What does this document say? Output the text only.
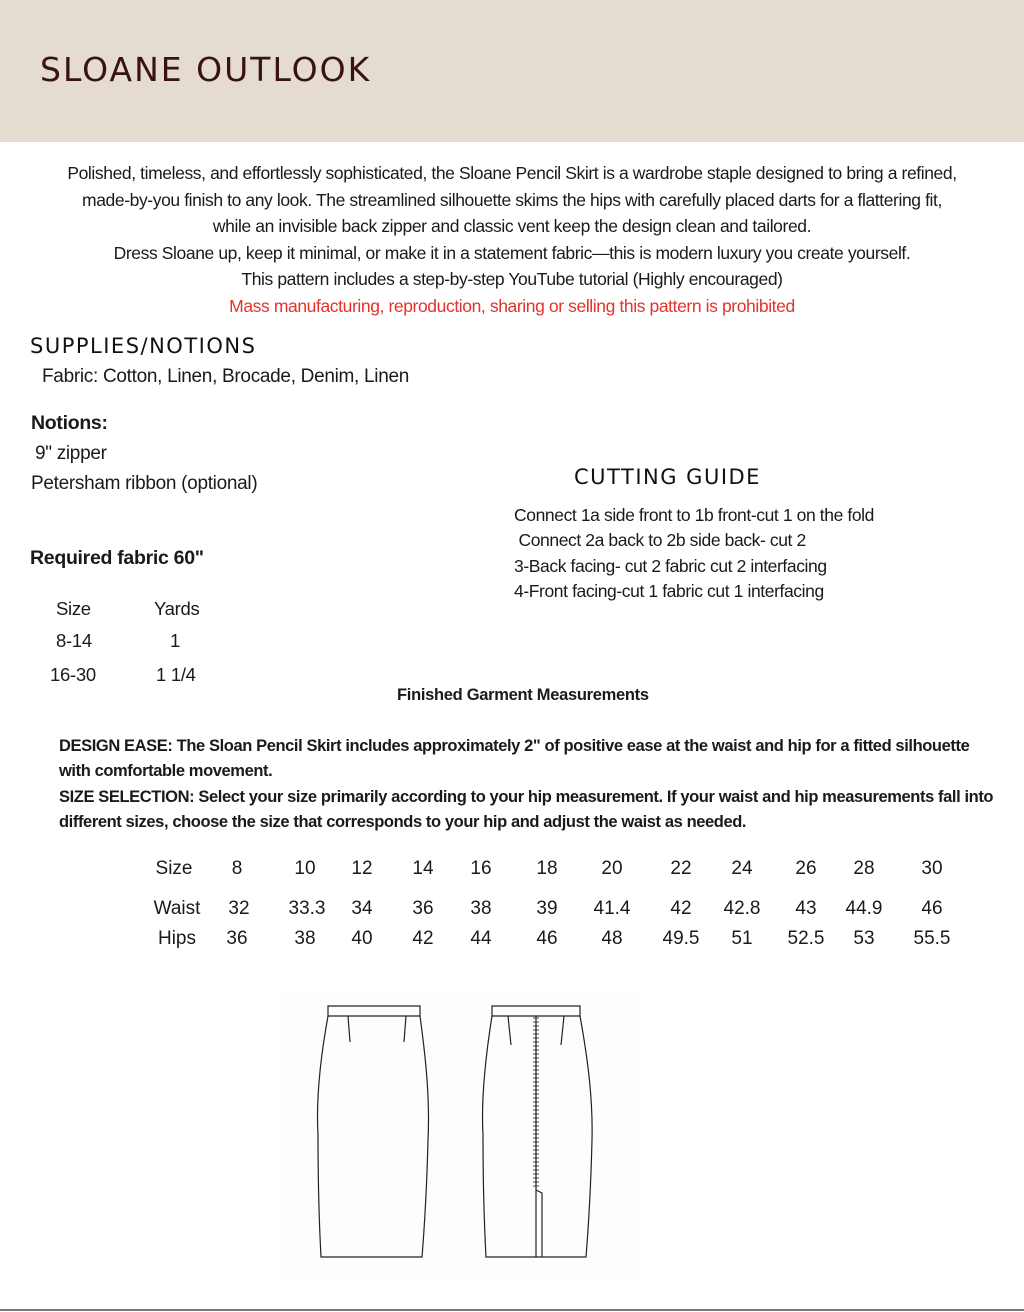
SLOANE OUTLOOK
Polished, timeless, and effortlessly sophisticated, the Sloane Pencil Skirt is a wardrobe staple designed to bring a refined,
made-by-you finish to any look. The streamlined silhouette skims the hips with carefully placed darts for a flattering fit,
while an invisible back zipper and classic vent keep the design clean and tailored.
Dress Sloane up, keep it minimal, or make it in a statement fabric—this is modern luxury you create yourself.
This pattern includes a step-by-step YouTube tutorial (Highly encouraged)
Mass manufacturing, reproduction, sharing or selling this pattern is prohibited
SUPPLIES/NOTIONS
Fabric: Cotton, Linen, Brocade, Denim, Linen
Notions:
9" zipper
Petersham ribbon (optional)	CUTTING GUIDE
Connect 1a side front to 1b front-cut 1 on the fold
Connect 2a back to 2b side back- cut 2
3-Back facing- cut 2 fabric cut 2 interfacing
4-Front facing-cut 1 fabric cut 1 interfacing
Required fabric 60"
Size	Yards
8-14	1
16-30	1 1/4
Finished Garment Measurements
DESIGN EASE: The Sloan Pencil Skirt includes approximately 2" of positive ease at the waist and hip for a fitted silhouette with comfortable movement.
SIZE SELECTION: Select your size primarily according to your hip measurement. If your waist and hip measurements fall into different sizes, choose the size that corresponds to your hip and adjust the waist as needed.
Size 8	10 12 14 16 18 20	22 24 26 28 30
Waist 32 33.3 34 36 38 39 41.4 42 42.8 43 44.9 46
Hips 36 38 40 42 44 46 48 49.5 51 52.5 53 55.5
